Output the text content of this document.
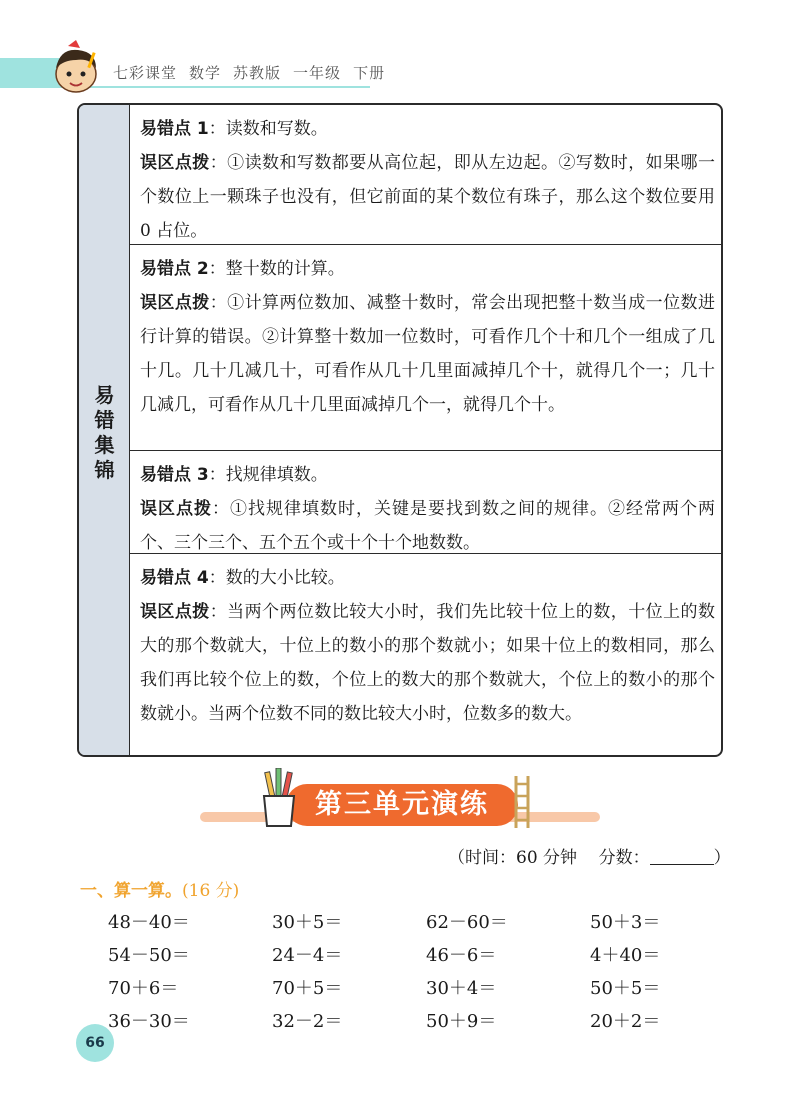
七彩课堂 数学 苏教版 一年级 下册
易
错
集
锦

易错点 1：读数和写数。

误区点拨：①读数和写数都要从高位起，即从左边起。②写数时，如果哪一个数位上一颗珠子也没有，但它前面的某个数位有珠子，那么这个数位要用 0 占位。

易错点 2：整十数的计算。

误区点拨：①计算两位数加、减整十数时，常会出现把整十数当成一位数进行计算的错误。②计算整十数加一位数时，可看作几个十和几个一组成了几十几。几十几减几十，可看作从几十几里面减掉几个十，就得几个一；几十几减几，可看作从几十几里面减掉几个一，就得几个十。

易错点 3：找规律填数。

误区点拨：①找规律填数时，关键是要找到数之间的规律。②经常两个两个、三个三个、五个五个或十个十个地数数。

易错点 4：数的大小比较。

误区点拨：当两个两位数比较大小时，我们先比较十位上的数，十位上的数大的那个数就大，十位上的数小的那个数就小；如果十位上的数相同，那么我们再比较个位上的数，个位上的数大的那个数就大，个位上的数小的那个数就小。当两个位数不同的数比较大小时，位数多的数大。

第三单元演练
（时间：60 分钟 分数：	）
一、算一算。(16 分)
48－40＝	30＋5＝	62－60＝	50＋3＝
54－50＝	24－4＝	46－6＝	4＋40＝
70＋6＝	70＋5＝	30＋4＝	50＋5＝
36－30＝	32－2＝	50＋9＝	20＋2＝
66
